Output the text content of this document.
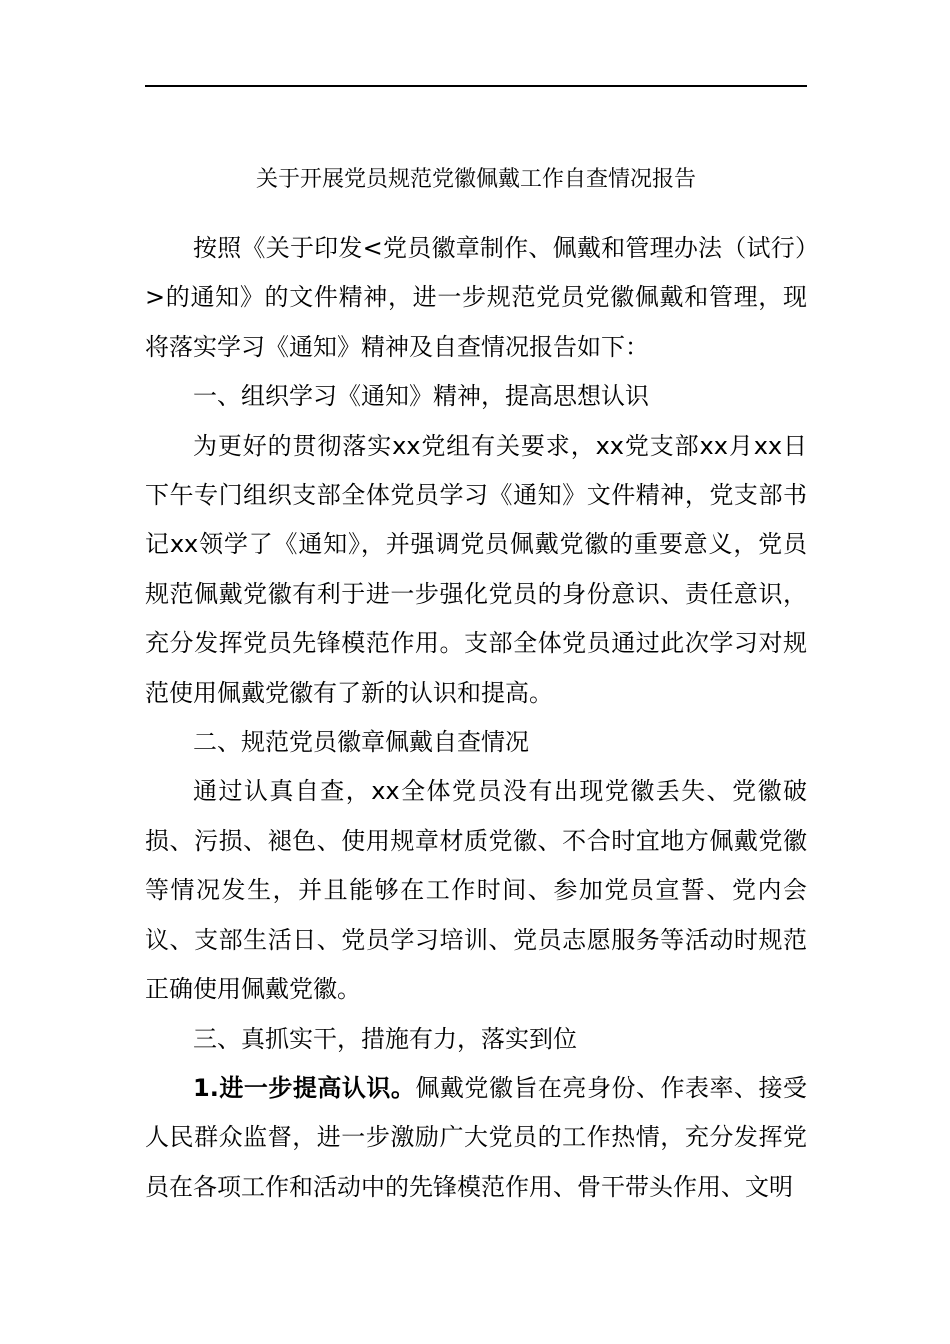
关于开展党员规范党徽佩戴工作自查情况报告

按照《关于印发<党员徽章制作、佩戴和管理办法（试行）>的通知》的文件精神，进一步规范党员党徽佩戴和管理，现将落实学习《通知》精神及自查情况报告如下：

一、组织学习《通知》精神，提高思想认识

为更好的贯彻落实xx党组有关要求，xx党支部xx月xx日下午专门组织支部全体党员学习《通知》文件精神，党支部书记xx领学了《通知》，并强调党员佩戴党徽的重要意义，党员规范佩戴党徽有利于进一步强化党员的身份意识、责任意识，充分发挥党员先锋模范作用。支部全体党员通过此次学习对规范使用佩戴党徽有了新的认识和提高。

二、规范党员徽章佩戴自查情况

通过认真自查，xx全体党员没有出现党徽丢失、党徽破损、污损、褪色、使用规章材质党徽、不合时宜地方佩戴党徽等情况发生，并且能够在工作时间、参加党员宣誓、党内会议、支部生活日、党员学习培训、党员志愿服务等活动时规范正确使用佩戴党徽。

三、真抓实干，措施有力，落实到位

1.进一步提高认识。佩戴党徽旨在亮身份、作表率、接受人民群众监督，进一步激励广大党员的工作热情，充分发挥党员在各项工作和活动中的先锋模范作用、骨干带头作用、文明
